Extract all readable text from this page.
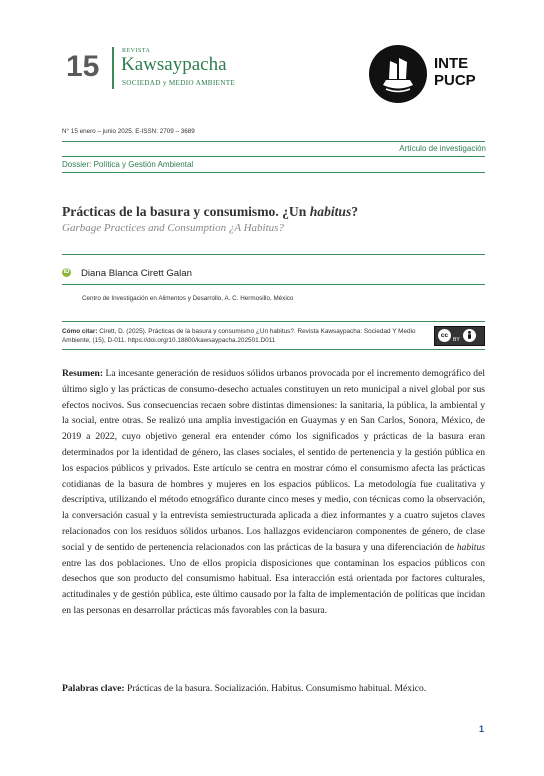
15	REVISTA
Kawsaypacha
SOCIEDAD y MEDIO AMBIENTE
INTE
PUCP
N° 15 enero – junio 2025. E-ISSN: 2709 – 3689
Artículo de investigación
Dossier: Política y Gestión Ambiental
Prácticas de la basura y consumismo. ¿Un habitus?
Garbage Practices and Consumption ¿A Habitus?
iD Diana Blanca Cirett Galan
Centro de Investigación en Alimentos y Desarrollo, A. C. Hermosillo, México
Cómo citar: Cirett, D. (2025). Prácticas de la basura y consumismo ¿Un habitus?. Revista Kawsaypacha: Sociedad Y Medio Ambiente, (15), D-011. https://doi.org/10.18800/kawsaypacha.202501.D011
cc
BY
Resumen: La incesante generación de residuos sólidos urbanos provocada por el incremento demográfico del último siglo y las prácticas de consumo-desecho actuales constituyen un reto municipal a nivel global por sus efectos nocivos. Sus consecuencias recaen sobre distintas dimensiones: la sanitaria, la pública, la ambiental y la social, entre otras. Se realizó una amplia investigación en Guaymas y en San Carlos, Sonora, México, de 2019 a 2022, cuyo objetivo general era entender cómo los significados y prácticas de la basura eran determinados por la identidad de género, las clases sociales, el sentido de pertenencia y la gestión pública en los espacios públicos y privados. Este artículo se centra en mostrar cómo el consumismo afecta las prácticas cotidianas de la basura de hombres y mujeres en los espacios públicos. La metodología fue cualitativa y descriptiva, utilizando el método etnográfico durante cinco meses y medio, con técnicas como la observación, la conversación casual y la entrevista semiestructurada aplicada a diez informantes y a cuatro sujetos claves relacionados con los residuos sólidos urbanos. Los hallazgos evidenciaron componentes de género, de clase social y de sentido de pertenencia relacionados con las prácticas de la basura y una diferenciación de habitus entre las dos poblaciones. Uno de ellos propicia disposiciones que contaminan los espacios públicos con desechos que son producto del consumismo habitual. Esa interacción está orientada por factores culturales, actitudinales y de gestión pública, este último causado por la falta de implementación de políticas que incidan en las personas en desarrollar prácticas más favorables con la basura.
Palabras clave: Prácticas de la basura. Socialización. Habitus. Consumismo habitual. México.
1
